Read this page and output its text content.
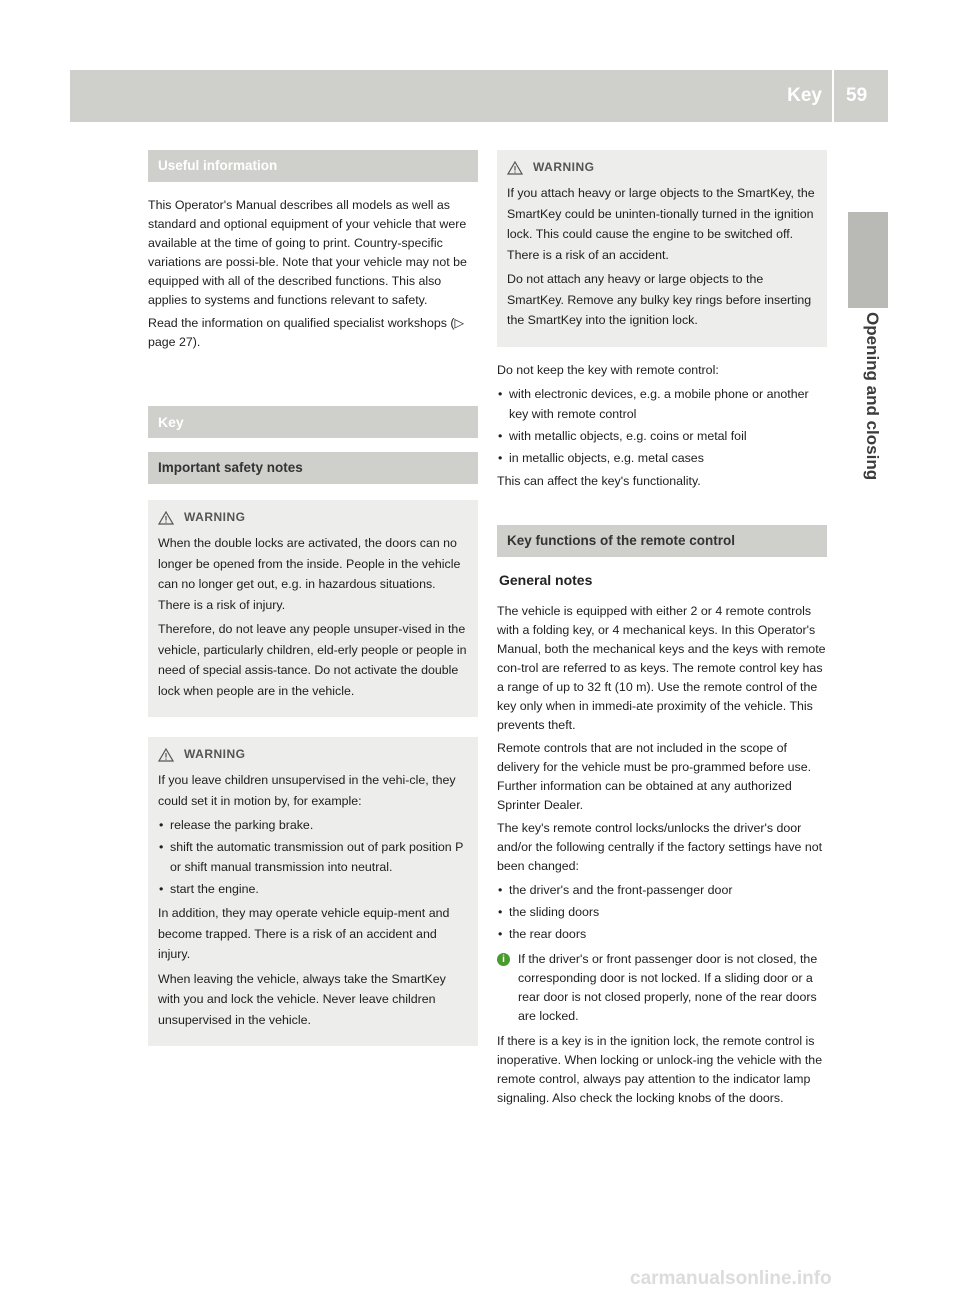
Key 59
Opening and closing
Useful information

This Operator's Manual describes all models as well as standard and optional equipment of your vehicle that were available at the time of going to print. Country-specific variations are possi-ble. Note that your vehicle may not be equipped with all of the described functions. This also applies to systems and functions relevant to safety.

Read the information on qualified specialist workshops (▷ page 27).

Key
Important safety notes
WARNING

When the double locks are activated, the doors can no longer be opened from the inside. People in the vehicle can no longer get out, e.g. in hazardous situations. There is a risk of injury.

Therefore, do not leave any people unsuper-vised in the vehicle, particularly children, eld-erly people or people in need of special assis-tance. Do not activate the double lock when people are in the vehicle.

WARNING

If you leave children unsupervised in the vehi-cle, they could set it in motion by, for example:

• release the parking brake.
• shift the automatic transmission out of park position P or shift manual transmission into neutral.
• start the engine.

In addition, they may operate vehicle equip-ment and become trapped. There is a risk of an accident and injury.

When leaving the vehicle, always take the SmartKey with you and lock the vehicle. Never leave children unsupervised in the vehicle.

WARNING

If you attach heavy or large objects to the SmartKey, the SmartKey could be uninten-tionally turned in the ignition lock. This could cause the engine to be switched off. There is a risk of an accident.

Do not attach any heavy or large objects to the SmartKey. Remove any bulky key rings before inserting the SmartKey into the ignition lock.

Do not keep the key with remote control:

• with electronic devices, e.g. a mobile phone or another key with remote control
• with metallic objects, e.g. coins or metal foil
• in metallic objects, e.g. metal cases

This can affect the key's functionality.

Key functions of the remote control
General notes

The vehicle is equipped with either 2 or 4 remote controls with a folding key, or 4 mechanical keys. In this Operator's Manual, both the mechanical keys and the keys with remote con-trol are referred to as keys. The remote control key has a range of up to 32 ft (10 m). Use the remote control of the key only when in immedi-ate proximity of the vehicle. This prevents theft.

Remote controls that are not included in the scope of delivery for the vehicle must be pro-grammed before use. Further information can be obtained at any authorized Sprinter Dealer.

The key's remote control locks/unlocks the driver's door and/or the following centrally if the factory settings have not been changed:

• the driver's and the front-passenger door
• the sliding doors
• the rear doors
i	If the driver's or front passenger door is not closed, the corresponding door is not locked. If a sliding door or a rear door is not closed properly, none of the rear doors are locked.

If there is a key is in the ignition lock, the remote control is inoperative. When locking or unlock-ing the vehicle with the remote control, always pay attention to the indicator lamp signaling. Also check the locking knobs of the doors.

carmanualsonline.info
